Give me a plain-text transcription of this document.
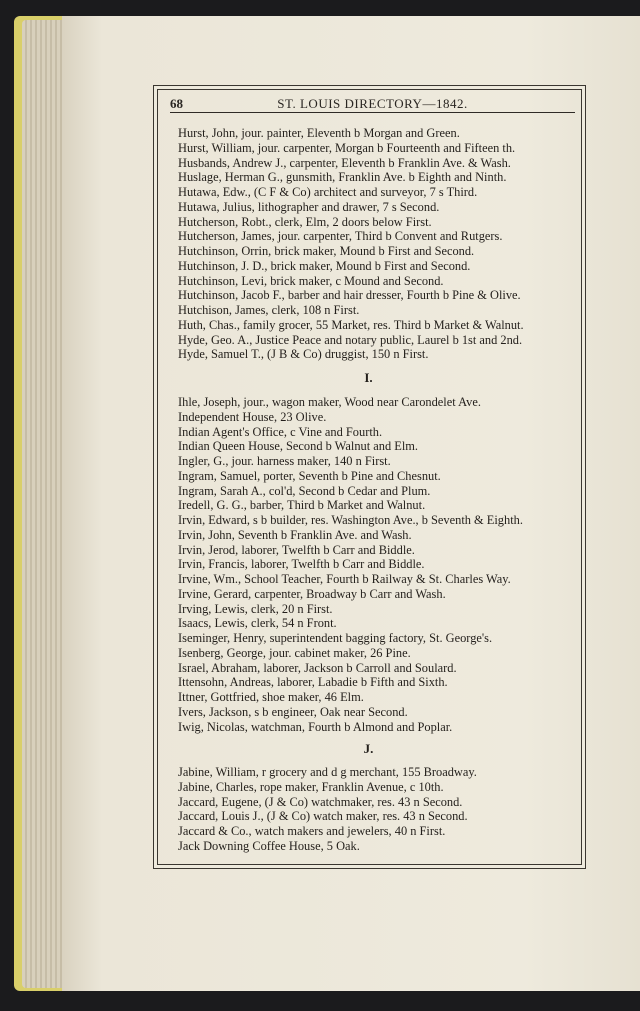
68	ST. LOUIS DIRECTORY—1842.
Hurst, John, jour. painter, Eleventh b Morgan and Green.
Hurst, William, jour. carpenter, Morgan b Fourteenth and Fifteen th.
Husbands, Andrew J., carpenter, Eleventh b Franklin Ave. & Wash.
Huslage, Herman G., gunsmith, Franklin Ave. b Eighth and Ninth.
Hutawa, Edw., (C F & Co) architect and surveyor, 7 s Third.
Hutawa, Julius, lithographer and drawer, 7 s Second.
Hutcherson, Robt., clerk, Elm, 2 doors below First.
Hutcherson, James, jour. carpenter, Third b Convent and Rutgers.
Hutchinson, Orrin, brick maker, Mound b First and Second.
Hutchinson, J. D., brick maker, Mound b First and Second.
Hutchinson, Levi, brick maker, c Mound and Second.
Hutchinson, Jacob F., barber and hair dresser, Fourth b Pine & Olive.
Hutchison, James, clerk, 108 n First.
Huth, Chas., family grocer, 55 Market, res. Third b Market & Walnut.
Hyde, Geo. A., Justice Peace and notary public, Laurel b 1st and 2nd.
Hyde, Samuel T., (J B & Co) druggist, 150 n First.
I.
Ihle, Joseph, jour., wagon maker, Wood near Carondelet Ave.
Independent House, 23 Olive.
Indian Agent's Office, c Vine and Fourth.
Indian Queen House, Second b Walnut and Elm.
Ingler, G., jour. harness maker, 140 n First.
Ingram, Samuel, porter, Seventh b Pine and Chesnut.
Ingram, Sarah A., col'd, Second b Cedar and Plum.
Iredell, G. G., barber, Third b Market and Walnut.
Irvin, Edward, s b builder, res. Washington Ave., b Seventh & Eighth.
Irvin, John, Seventh b Franklin Ave. and Wash.
Irvin, Jerod, laborer, Twelfth b Carr and Biddle.
Irvin, Francis, laborer, Twelfth b Carr and Biddle.
Irvine, Wm., School Teacher, Fourth b Railway & St. Charles Way.
Irvine, Gerard, carpenter, Broadway b Carr and Wash.
Irving, Lewis, clerk, 20 n First.
Isaacs, Lewis, clerk, 54 n Front.
Iseminger, Henry, superintendent bagging factory, St. George's.
Isenberg, George, jour. cabinet maker, 26 Pine.
Israel, Abraham, laborer, Jackson b Carroll and Soulard.
Ittensohn, Andreas, laborer, Labadie b Fifth and Sixth.
Ittner, Gottfried, shoe maker, 46 Elm.
Ivers, Jackson, s b engineer, Oak near Second.
Iwig, Nicolas, watchman, Fourth b Almond and Poplar.
J.
Jabine, William, r grocery and d g merchant, 155 Broadway.
Jabine, Charles, rope maker, Franklin Avenue, c 10th.
Jaccard, Eugene, (J & Co) watchmaker, res. 43 n Second.
Jaccard, Louis J., (J & Co) watch maker, res. 43 n Second.
Jaccard & Co., watch makers and jewelers, 40 n First.
Jack Downing Coffee House, 5 Oak.
